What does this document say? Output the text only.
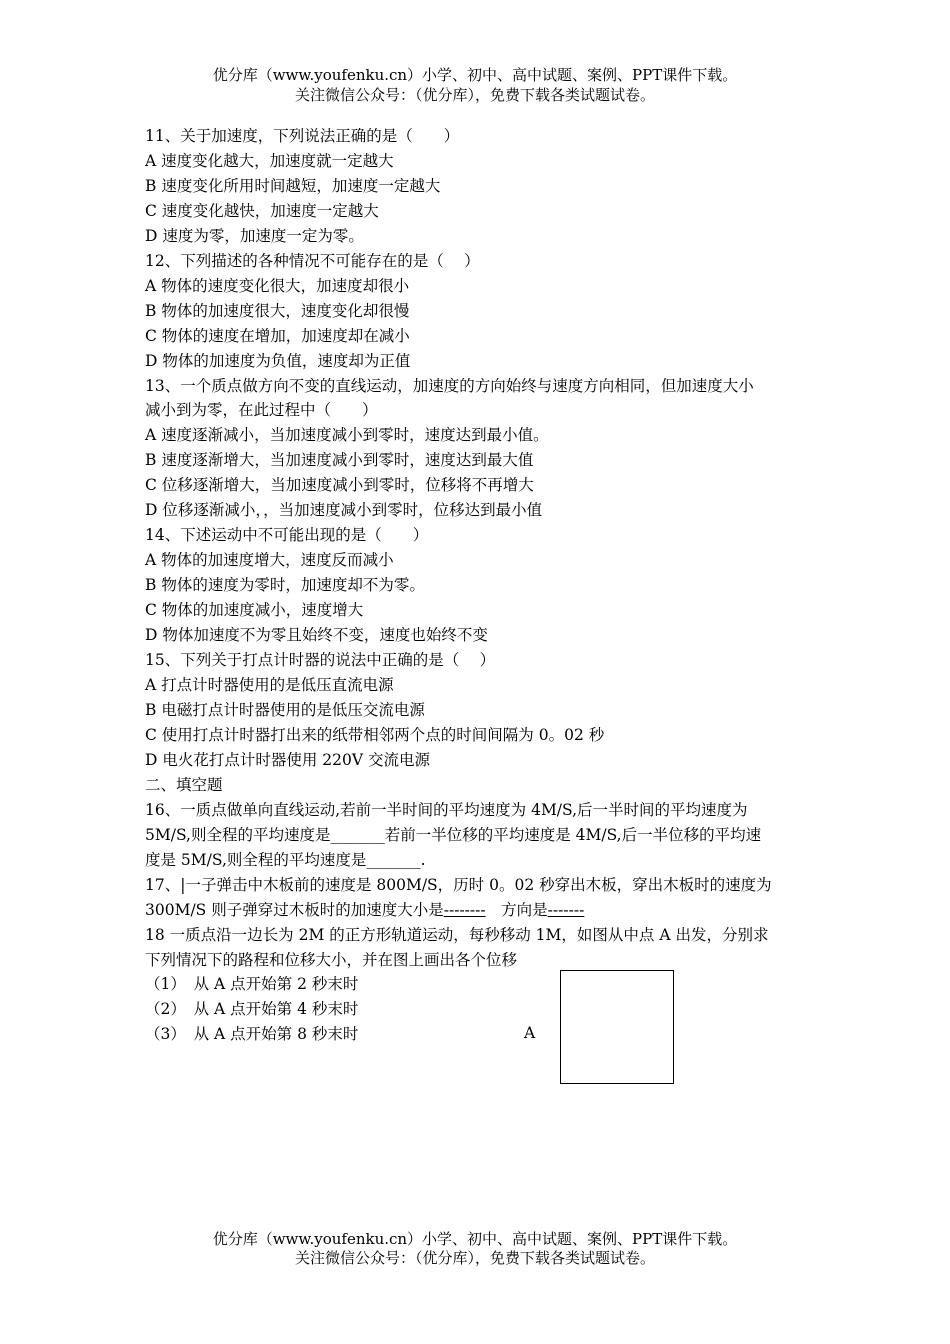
优分库（www.youfenku.cn）小学、初中、高中试题、案例、PPT课件下载。
关注微信公众号：（优分库），免费下载各类试题试卷。
11、关于加速度，下列说法正确的是（　　）
A 速度变化越大，加速度就一定越大
B 速度变化所用时间越短，加速度一定越大
C 速度变化越快，加速度一定越大
D 速度为零，加速度一定为零。
12、下列描述的各种情况不可能存在的是（　 ）
A 物体的速度变化很大，加速度却很小
B 物体的加速度很大，速度变化却很慢
C 物体的速度在增加，加速度却在减小
D 物体的加速度为负值，速度却为正值
13、一个质点做方向不变的直线运动，加速度的方向始终与速度方向相同，但加速度大小
减小到为零，在此过程中（　　）
A 速度逐渐减小，当加速度减小到零时，速度达到最小值。
B 速度逐渐增大，当加速度减小到零时，速度达到最大值
C 位移逐渐增大，当加速度减小到零时，位移将不再增大
D 位移逐渐减小，，当加速度减小到零时，位移达到最小值
14、下述运动中不可能出现的是（　　）
A 物体的加速度增大，速度反而减小
B 物体的速度为零时，加速度却不为零。
C 物体的加速度减小，速度增大
D 物体加速度不为零且始终不变，速度也始终不变
15、下列关于打点计时器的说法中正确的是（　 ）
A 打点计时器使用的是低压直流电源
B 电磁打点计时器使用的是低压交流电源
C 使用打点计时器打出来的纸带相邻两个点的时间间隔为 0。02 秒
D 电火花打点计时器使用 220V 交流电源
二、填空题
16、一质点做单向直线运动,若前一半时间的平均速度为 4M/S,后一半时间的平均速度为
5M/S,则全程的平均速度是_______若前一半位移的平均速度是 4M/S,后一半位移的平均速
度是 5M/S,则全程的平均速度是_______.
17、|一子弹击中木板前的速度是 800M/S，历时 0。02 秒穿出木板，穿出木板时的速度为
300M/S 则子弹穿过木板时的加速度大小是--------　方向是-------
18 一质点沿一边长为 2M 的正方形轨道运动，每秒移动 1M，如图从中点 A 出发，分别求
下列情况下的路程和位移大小，并在图上画出各个位移
（1）　从 A 点开始第 2 秒末时
（2）　从 A 点开始第 4 秒末时
（3）　从 A 点开始第 8 秒末时	A
优分库（www.youfenku.cn）小学、初中、高中试题、案例、PPT课件下载。
关注微信公众号：（优分库），免费下载各类试题试卷。
